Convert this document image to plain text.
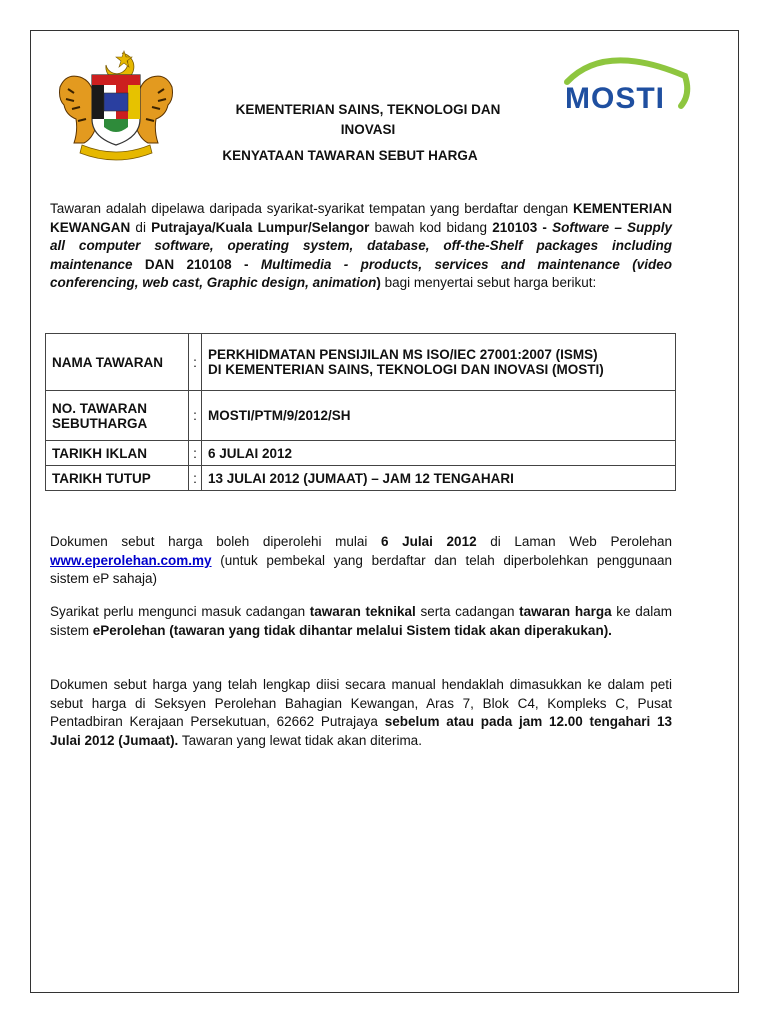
KEMENTERIAN SAINS, TEKNOLOGI DAN
INOVASI
MOSTI
KENYATAAN TAWARAN SEBUT HARGA

Tawaran adalah dipelawa daripada syarikat-syarikat tempatan yang berdaftar dengan KEMENTERIAN KEWANGAN di Putrajaya/Kuala Lumpur/Selangor bawah kod bidang 210103 - Software – Supply all computer software, operating system, database, off-the-Shelf packages including maintenance DAN 210108 - Multimedia - products, services and maintenance (video conferencing, web cast, Graphic design, animation) bagi menyertai sebut harga berikut:

NAMA TAWARAN	:	PERKHIDMATAN PENSIJILAN MS ISO/IEC 27001:2007 (ISMS)
DI KEMENTERIAN SAINS, TEKNOLOGI DAN INOVASI (MOSTI)

NO. TAWARAN
SEBUTHARGA	:	MOSTI/PTM/9/2012/SH
TARIKH IKLAN	:	6 JULAI 2012
TARIKH TUTUP	:	13 JULAI 2012 (JUMAAT) – JAM 12 TENGAHARI

Dokumen sebut harga boleh diperolehi mulai 6 Julai 2012 di Laman Web Perolehan www.eperolehan.com.my (untuk pembekal yang berdaftar dan telah diperbolehkan penggunaan sistem eP sahaja)

Syarikat perlu mengunci masuk cadangan tawaran teknikal serta cadangan tawaran harga ke dalam sistem ePerolehan (tawaran yang tidak dihantar melalui Sistem tidak akan diperakukan).

Dokumen sebut harga yang telah lengkap diisi secara manual hendaklah dimasukkan ke dalam peti sebut harga di Seksyen Perolehan Bahagian Kewangan, Aras 7, Blok C4, Kompleks C, Pusat Pentadbiran Kerajaan Persekutuan, 62662 Putrajaya sebelum atau pada jam 12.00 tengahari 13 Julai 2012 (Jumaat). Tawaran yang lewat tidak akan diterima.
